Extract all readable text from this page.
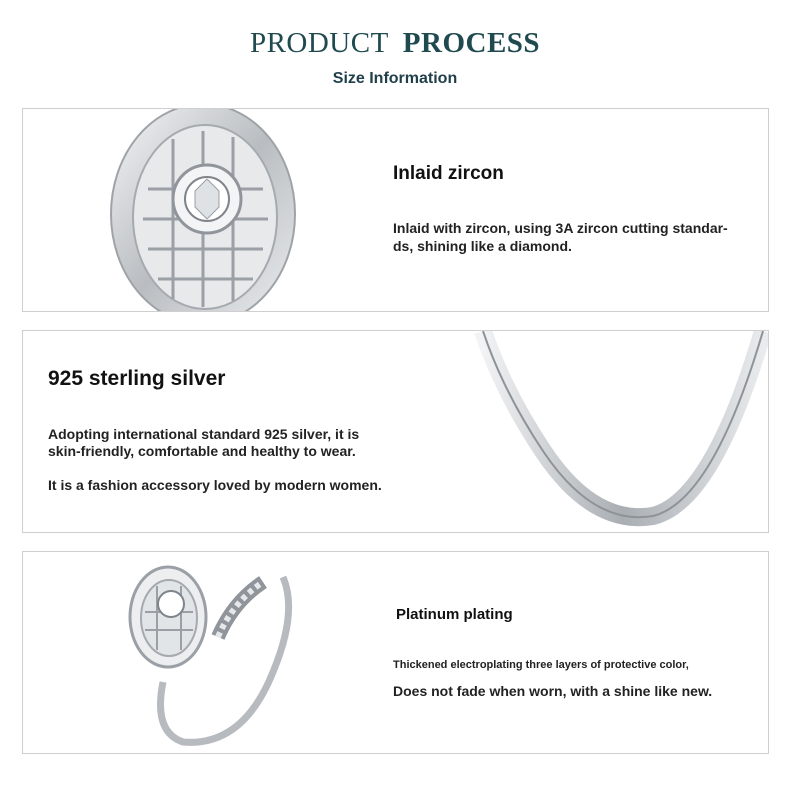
PRODUCT PROCESS
Size Information
Inlaid zircon
Inlaid with zircon, using 3A zircon cutting standar-
ds, shining like a diamond.
925 sterling silver
Adopting international standard 925 silver, it is
skin-friendly, comfortable and healthy to wear.
It is a fashion accessory loved by modern women.
Platinum plating
Thickened electroplating three layers of protective color,
Does not fade when worn, with a shine like new.
